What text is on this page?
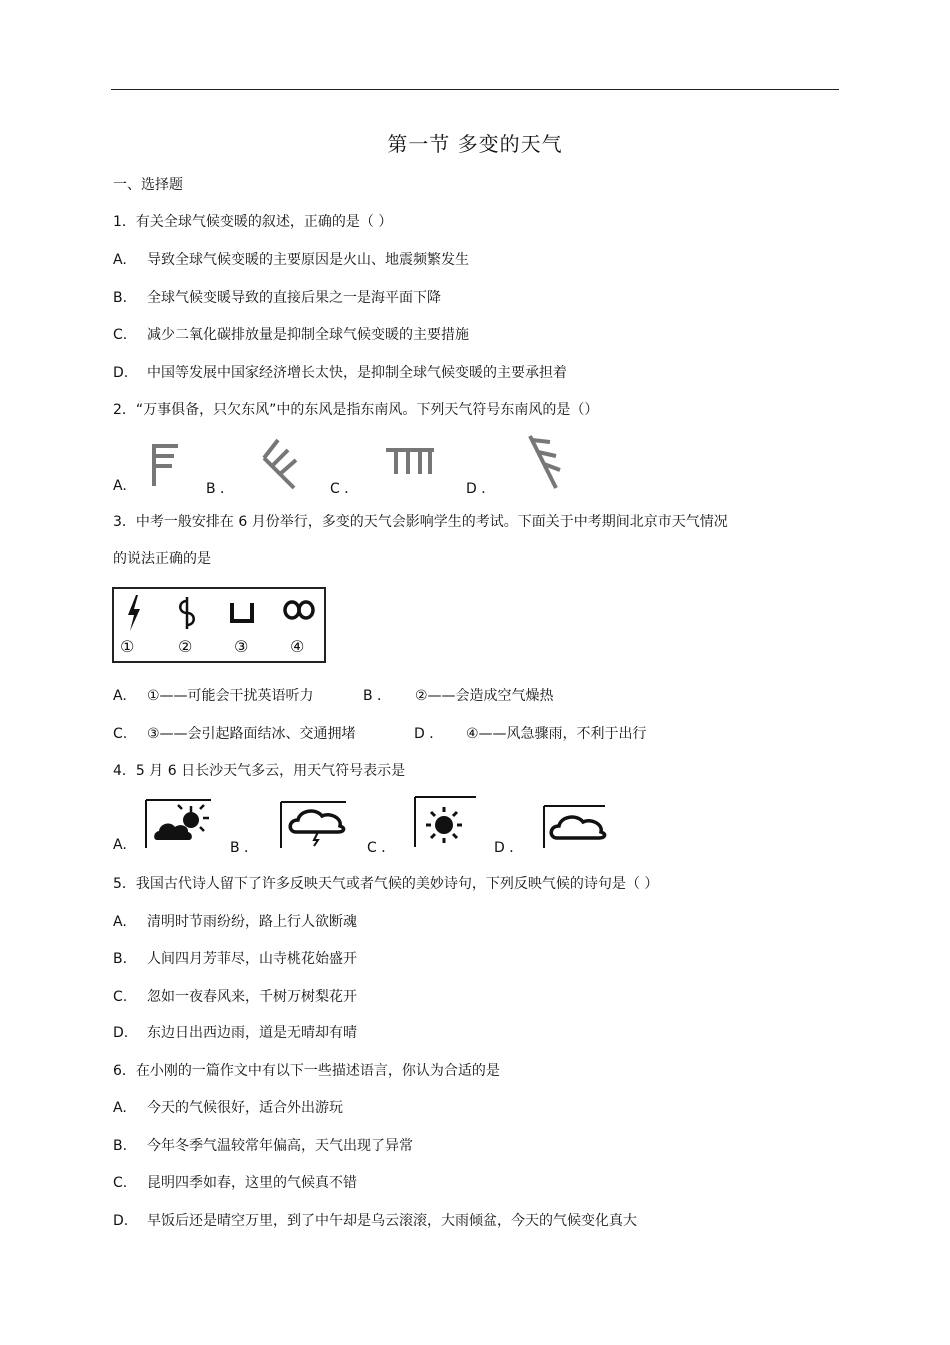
第一节 多变的天气
一、选择题
1．有关全球气候变暖的叙述，正确的是（ ）
A. 导致全球气候变暖的主要原因是火山、地震频繁发生
B. 全球气候变暖导致的直接后果之一是海平面下降
C. 减少二氧化碳排放量是抑制全球气候变暖的主要措施
D. 中国等发展中国家经济增长太快，是抑制全球气候变暖的主要承担着
2．“万事俱备，只欠东风”中的东风是指东南风。下列天气符号东南风的是（）
A.	B ．	C ．	D ．
3．中考一般安排在 6 月份举行，多变的天气会影响学生的考试。下面关于中考期间北京市天气情况
的说法正确的是
①	②	③	④
A. ①——可能会干扰英语听力	B ． ②——会造成空气燥热
C. ③——会引起路面结冰、交通拥堵	D ． ④——风急骤雨，不利于出行
4．5 月 6 日长沙天气多云，用天气符号表示是
A.	B ．	C ．	D ．
5．我国古代诗人留下了许多反映天气或者气候的美妙诗句，下列反映气候的诗句是（ ）
A. 清明时节雨纷纷，路上行人欲断魂
B. 人间四月芳菲尽，山寺桃花始盛开
C. 忽如一夜春风来，千树万树梨花开
D. 东边日出西边雨，道是无晴却有晴
6．在小刚的一篇作文中有以下一些描述语言，你认为合适的是
A. 今天的气候很好，适合外出游玩
B. 今年冬季气温较常年偏高，天气出现了异常
C. 昆明四季如春，这里的气候真不错
D. 早饭后还是晴空万里，到了中午却是乌云滚滚，大雨倾盆，今天的气候变化真大
